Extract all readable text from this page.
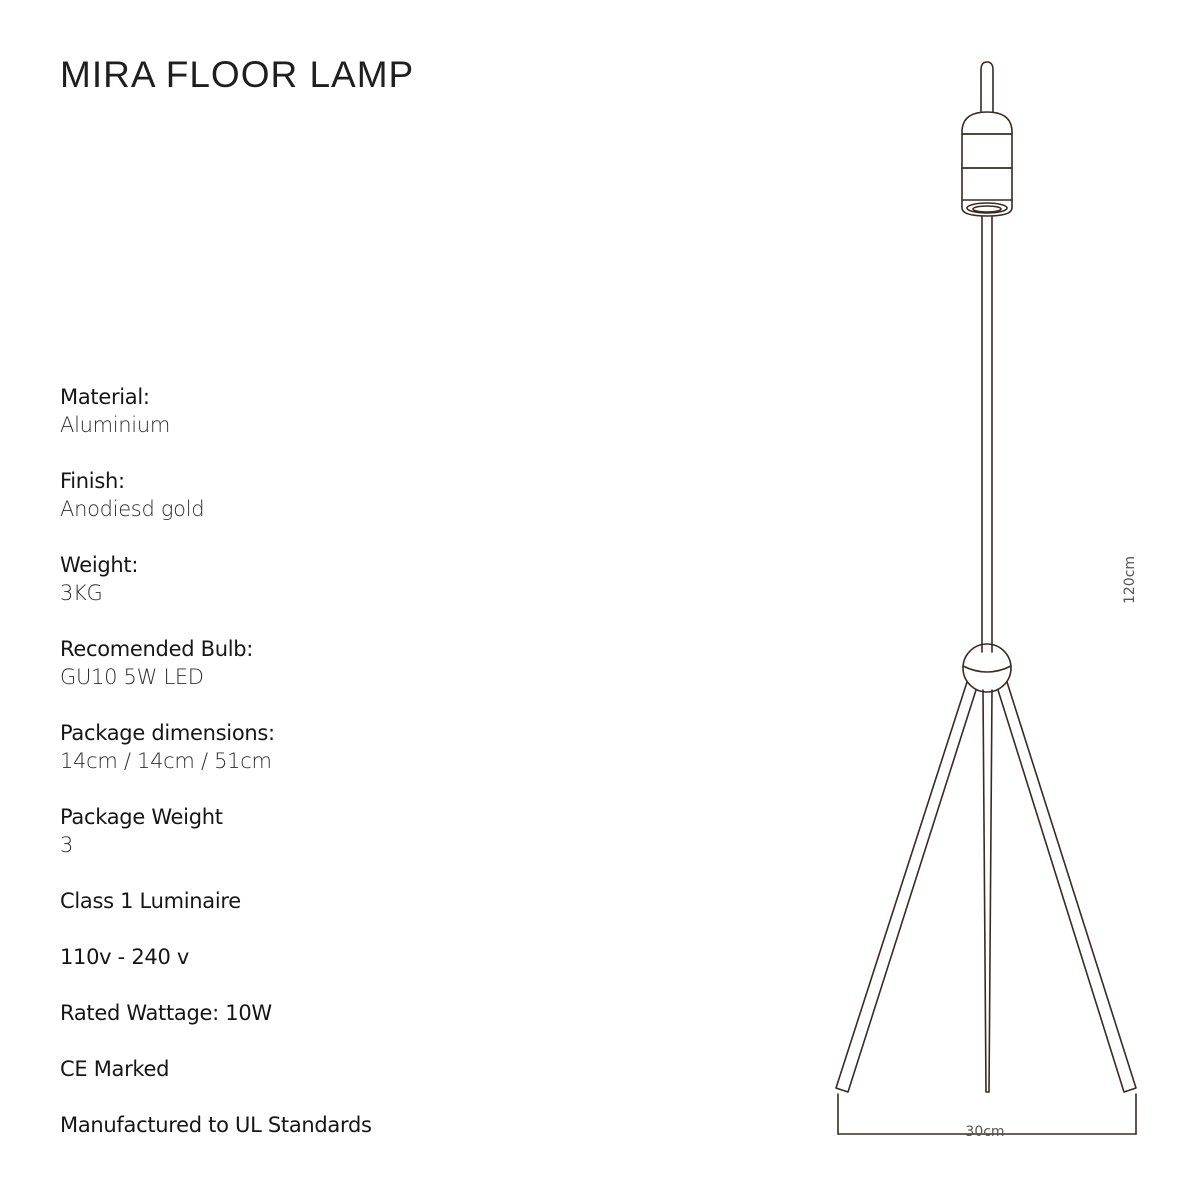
MIRA FLOOR LAMP
Material:
Aluminium
Finish:
Anodiesd gold
Weight:
3KG
Recomended Bulb:
GU10 5W LED
Package dimensions:
14cm / 14cm / 51cm
Package Weight
3
Class 1 Luminaire
110v - 240 v
Rated Wattage: 10W
CE Marked
Manufactured to UL Standards
120cm
30cm
